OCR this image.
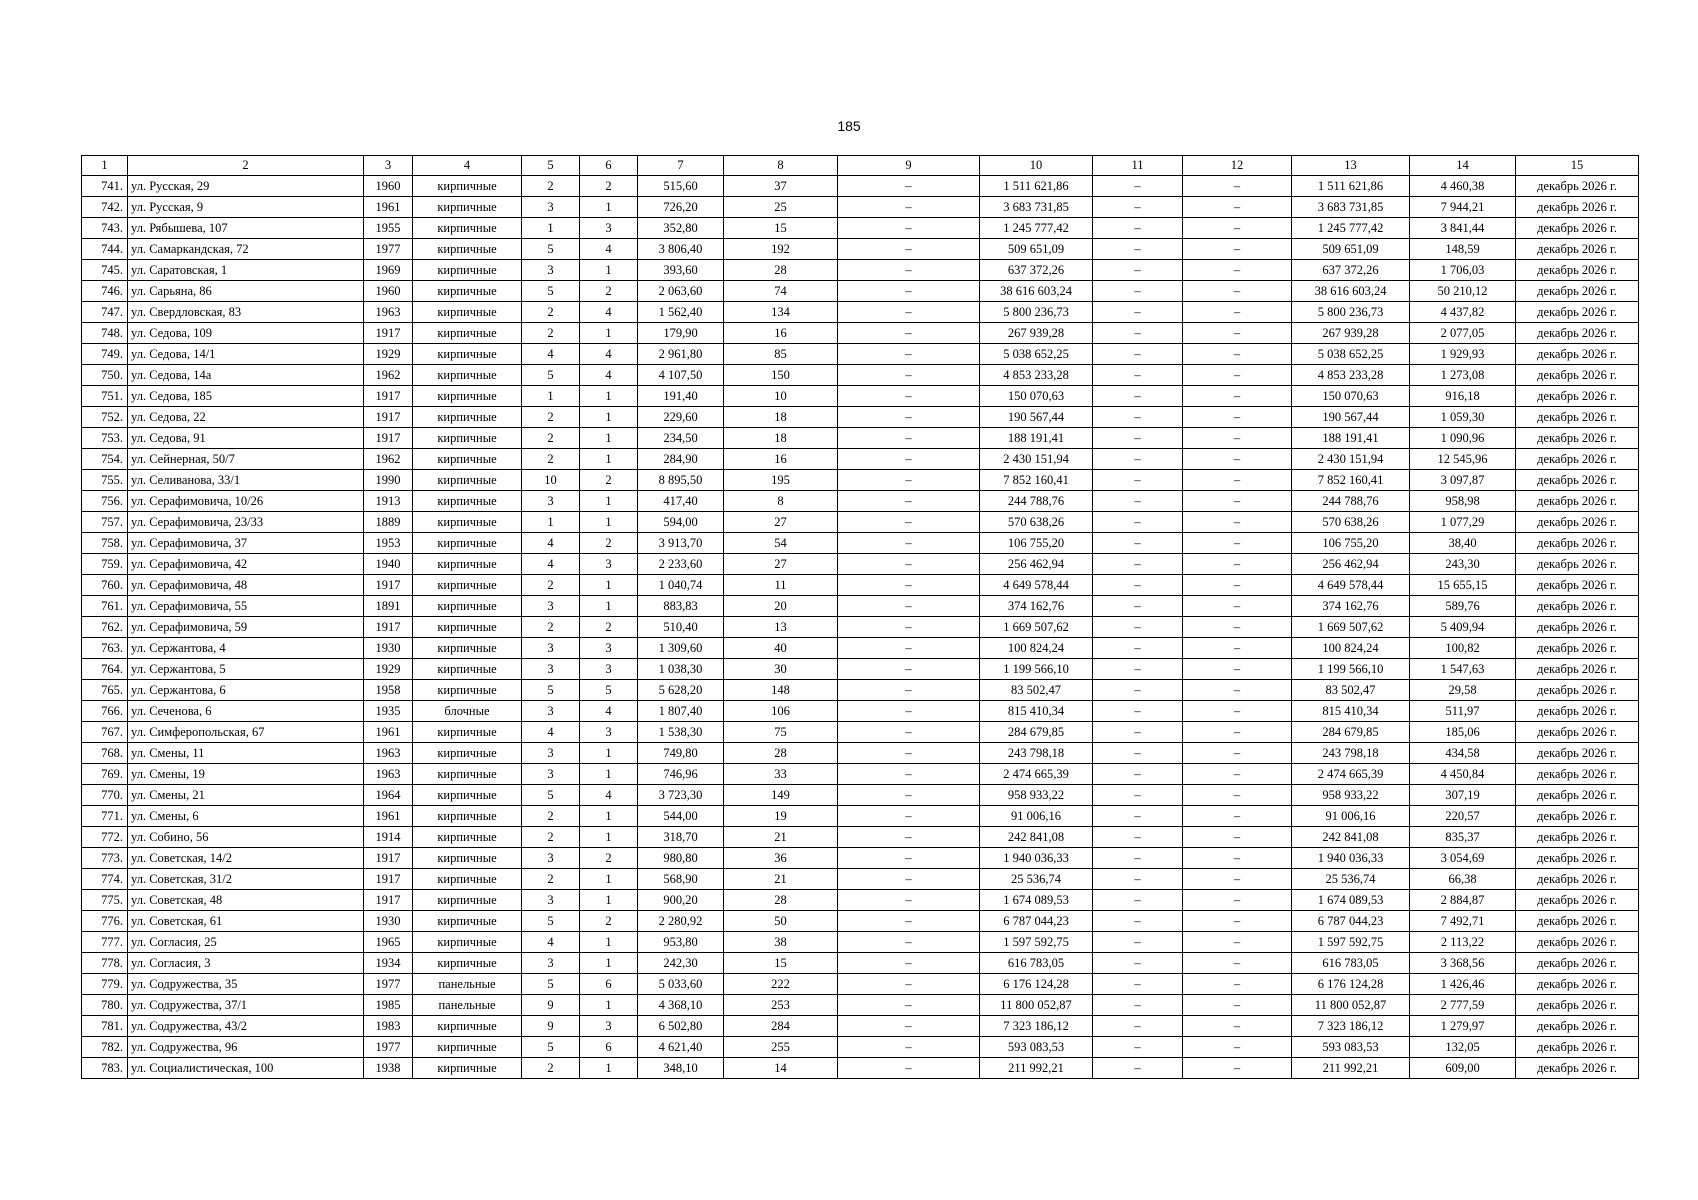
185
1	2	3	4	5	6	7	8	9	10	11	12	13	14	15
741.	ул. Русская, 29	1960	кирпичные	2	2	515,60	37	–	1 511 621,86	–	–	1 511 621,86	4 460,38	декабрь 2026 г.
742.	ул. Русская, 9	1961	кирпичные	3	1	726,20	25	–	3 683 731,85	–	–	3 683 731,85	7 944,21	декабрь 2026 г.
743.	ул. Рябышева, 107	1955	кирпичные	1	3	352,80	15	–	1 245 777,42	–	–	1 245 777,42	3 841,44	декабрь 2026 г.
744.	ул. Самаркандская, 72	1977	кирпичные	5	4	3 806,40	192	–	509 651,09	–	–	509 651,09	148,59	декабрь 2026 г.
745.	ул. Саратовская, 1	1969	кирпичные	3	1	393,60	28	–	637 372,26	–	–	637 372,26	1 706,03	декабрь 2026 г.
746.	ул. Сарьяна, 86	1960	кирпичные	5	2	2 063,60	74	–	38 616 603,24	–	–	38 616 603,24	50 210,12	декабрь 2026 г.
747.	ул. Свердловская, 83	1963	кирпичные	2	4	1 562,40	134	–	5 800 236,73	–	–	5 800 236,73	4 437,82	декабрь 2026 г.
748.	ул. Седова, 109	1917	кирпичные	2	1	179,90	16	–	267 939,28	–	–	267 939,28	2 077,05	декабрь 2026 г.
749.	ул. Седова, 14/1	1929	кирпичные	4	4	2 961,80	85	–	5 038 652,25	–	–	5 038 652,25	1 929,93	декабрь 2026 г.
750.	ул. Седова, 14а	1962	кирпичные	5	4	4 107,50	150	–	4 853 233,28	–	–	4 853 233,28	1 273,08	декабрь 2026 г.
751.	ул. Седова, 185	1917	кирпичные	1	1	191,40	10	–	150 070,63	–	–	150 070,63	916,18	декабрь 2026 г.
752.	ул. Седова, 22	1917	кирпичные	2	1	229,60	18	–	190 567,44	–	–	190 567,44	1 059,30	декабрь 2026 г.
753.	ул. Седова, 91	1917	кирпичные	2	1	234,50	18	–	188 191,41	–	–	188 191,41	1 090,96	декабрь 2026 г.
754.	ул. Сейнерная, 50/7	1962	кирпичные	2	1	284,90	16	–	2 430 151,94	–	–	2 430 151,94	12 545,96	декабрь 2026 г.
755.	ул. Селиванова, 33/1	1990	кирпичные	10	2	8 895,50	195	–	7 852 160,41	–	–	7 852 160,41	3 097,87	декабрь 2026 г.
756.	ул. Серафимовича, 10/26	1913	кирпичные	3	1	417,40	8	–	244 788,76	–	–	244 788,76	958,98	декабрь 2026 г.
757.	ул. Серафимовича, 23/33	1889	кирпичные	1	1	594,00	27	–	570 638,26	–	–	570 638,26	1 077,29	декабрь 2026 г.
758.	ул. Серафимовича, 37	1953	кирпичные	4	2	3 913,70	54	–	106 755,20	–	–	106 755,20	38,40	декабрь 2026 г.
759.	ул. Серафимовича, 42	1940	кирпичные	4	3	2 233,60	27	–	256 462,94	–	–	256 462,94	243,30	декабрь 2026 г.
760.	ул. Серафимовича, 48	1917	кирпичные	2	1	1 040,74	11	–	4 649 578,44	–	–	4 649 578,44	15 655,15	декабрь 2026 г.
761.	ул. Серафимовича, 55	1891	кирпичные	3	1	883,83	20	–	374 162,76	–	–	374 162,76	589,76	декабрь 2026 г.
762.	ул. Серафимовича, 59	1917	кирпичные	2	2	510,40	13	–	1 669 507,62	–	–	1 669 507,62	5 409,94	декабрь 2026 г.
763.	ул. Сержантова, 4	1930	кирпичные	3	3	1 309,60	40	–	100 824,24	–	–	100 824,24	100,82	декабрь 2026 г.
764.	ул. Сержантова, 5	1929	кирпичные	3	3	1 038,30	30	–	1 199 566,10	–	–	1 199 566,10	1 547,63	декабрь 2026 г.
765.	ул. Сержантова, 6	1958	кирпичные	5	5	5 628,20	148	–	83 502,47	–	–	83 502,47	29,58	декабрь 2026 г.
766.	ул. Сеченова, 6	1935	блочные	3	4	1 807,40	106	–	815 410,34	–	–	815 410,34	511,97	декабрь 2026 г.
767.	ул. Симферопольская, 67	1961	кирпичные	4	3	1 538,30	75	–	284 679,85	–	–	284 679,85	185,06	декабрь 2026 г.
768.	ул. Смены, 11	1963	кирпичные	3	1	749,80	28	–	243 798,18	–	–	243 798,18	434,58	декабрь 2026 г.
769.	ул. Смены, 19	1963	кирпичные	3	1	746,96	33	–	2 474 665,39	–	–	2 474 665,39	4 450,84	декабрь 2026 г.
770.	ул. Смены, 21	1964	кирпичные	5	4	3 723,30	149	–	958 933,22	–	–	958 933,22	307,19	декабрь 2026 г.
771.	ул. Смены, 6	1961	кирпичные	2	1	544,00	19	–	91 006,16	–	–	91 006,16	220,57	декабрь 2026 г.
772.	ул. Собино, 56	1914	кирпичные	2	1	318,70	21	–	242 841,08	–	–	242 841,08	835,37	декабрь 2026 г.
773.	ул. Советская, 14/2	1917	кирпичные	3	2	980,80	36	–	1 940 036,33	–	–	1 940 036,33	3 054,69	декабрь 2026 г.
774.	ул. Советская, 31/2	1917	кирпичные	2	1	568,90	21	–	25 536,74	–	–	25 536,74	66,38	декабрь 2026 г.
775.	ул. Советская, 48	1917	кирпичные	3	1	900,20	28	–	1 674 089,53	–	–	1 674 089,53	2 884,87	декабрь 2026 г.
776.	ул. Советская, 61	1930	кирпичные	5	2	2 280,92	50	–	6 787 044,23	–	–	6 787 044,23	7 492,71	декабрь 2026 г.
777.	ул. Согласия, 25	1965	кирпичные	4	1	953,80	38	–	1 597 592,75	–	–	1 597 592,75	2 113,22	декабрь 2026 г.
778.	ул. Согласия, 3	1934	кирпичные	3	1	242,30	15	–	616 783,05	–	–	616 783,05	3 368,56	декабрь 2026 г.
779.	ул. Содружества, 35	1977	панельные	5	6	5 033,60	222	–	6 176 124,28	–	–	6 176 124,28	1 426,46	декабрь 2026 г.
780.	ул. Содружества, 37/1	1985	панельные	9	1	4 368,10	253	–	11 800 052,87	–	–	11 800 052,87	2 777,59	декабрь 2026 г.
781.	ул. Содружества, 43/2	1983	кирпичные	9	3	6 502,80	284	–	7 323 186,12	–	–	7 323 186,12	1 279,97	декабрь 2026 г.
782.	ул. Содружества, 96	1977	кирпичные	5	6	4 621,40	255	–	593 083,53	–	–	593 083,53	132,05	декабрь 2026 г.
783.	ул. Социалистическая, 100	1938	кирпичные	2	1	348,10	14	–	211 992,21	–	–	211 992,21	609,00	декабрь 2026 г.
